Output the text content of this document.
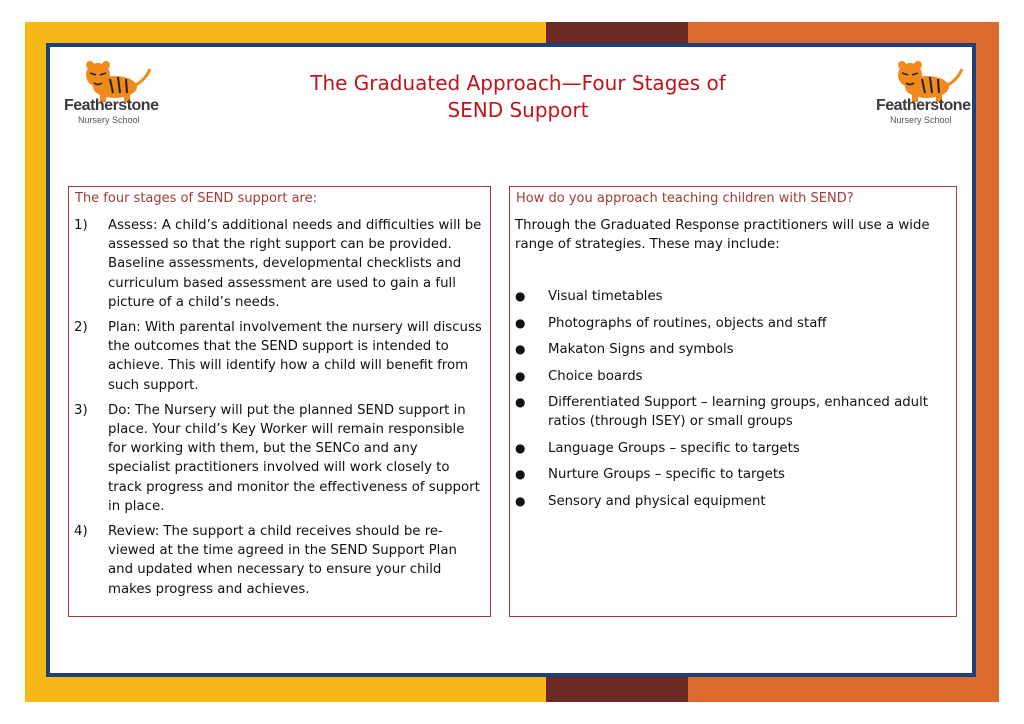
Featherstone
Nursery School
Featherstone
Nursery School
The Graduated Approach—Four Stages of
SEND Support
The four stages of SEND support are:
1) Assess: A child’s additional needs and difficulties will be assessed so that the right support can be provided. Baseline assessments, developmental checklists and curriculum based assessment are used to gain a full picture of a child’s needs.
2) Plan: With parental involvement the nursery will discuss the outcomes that the SEND support is intended to achieve. This will identify how a child will benefit from such support.
3) Do: The Nursery will put the planned SEND support in place. Your child’s Key Worker will remain responsible for working with them, but the SENCo and any specialist practitioners involved will work closely to track progress and monitor the effectiveness of support in place.
4) Review: The support a child receives should be re-viewed at the time agreed in the SEND Support Plan and updated when necessary to ensure your child makes progress and achieves.
How do you approach teaching children with SEND?
Through the Graduated Response practitioners will use a wide range of strategies. These may include:
● Visual timetables
● Photographs of routines, objects and staff
● Makaton Signs and symbols
● Choice boards
● Differentiated Support – learning groups, enhanced adult ratios (through ISEY) or small groups
● Language Groups – specific to targets
● Nurture Groups – specific to targets
● Sensory and physical equipment
